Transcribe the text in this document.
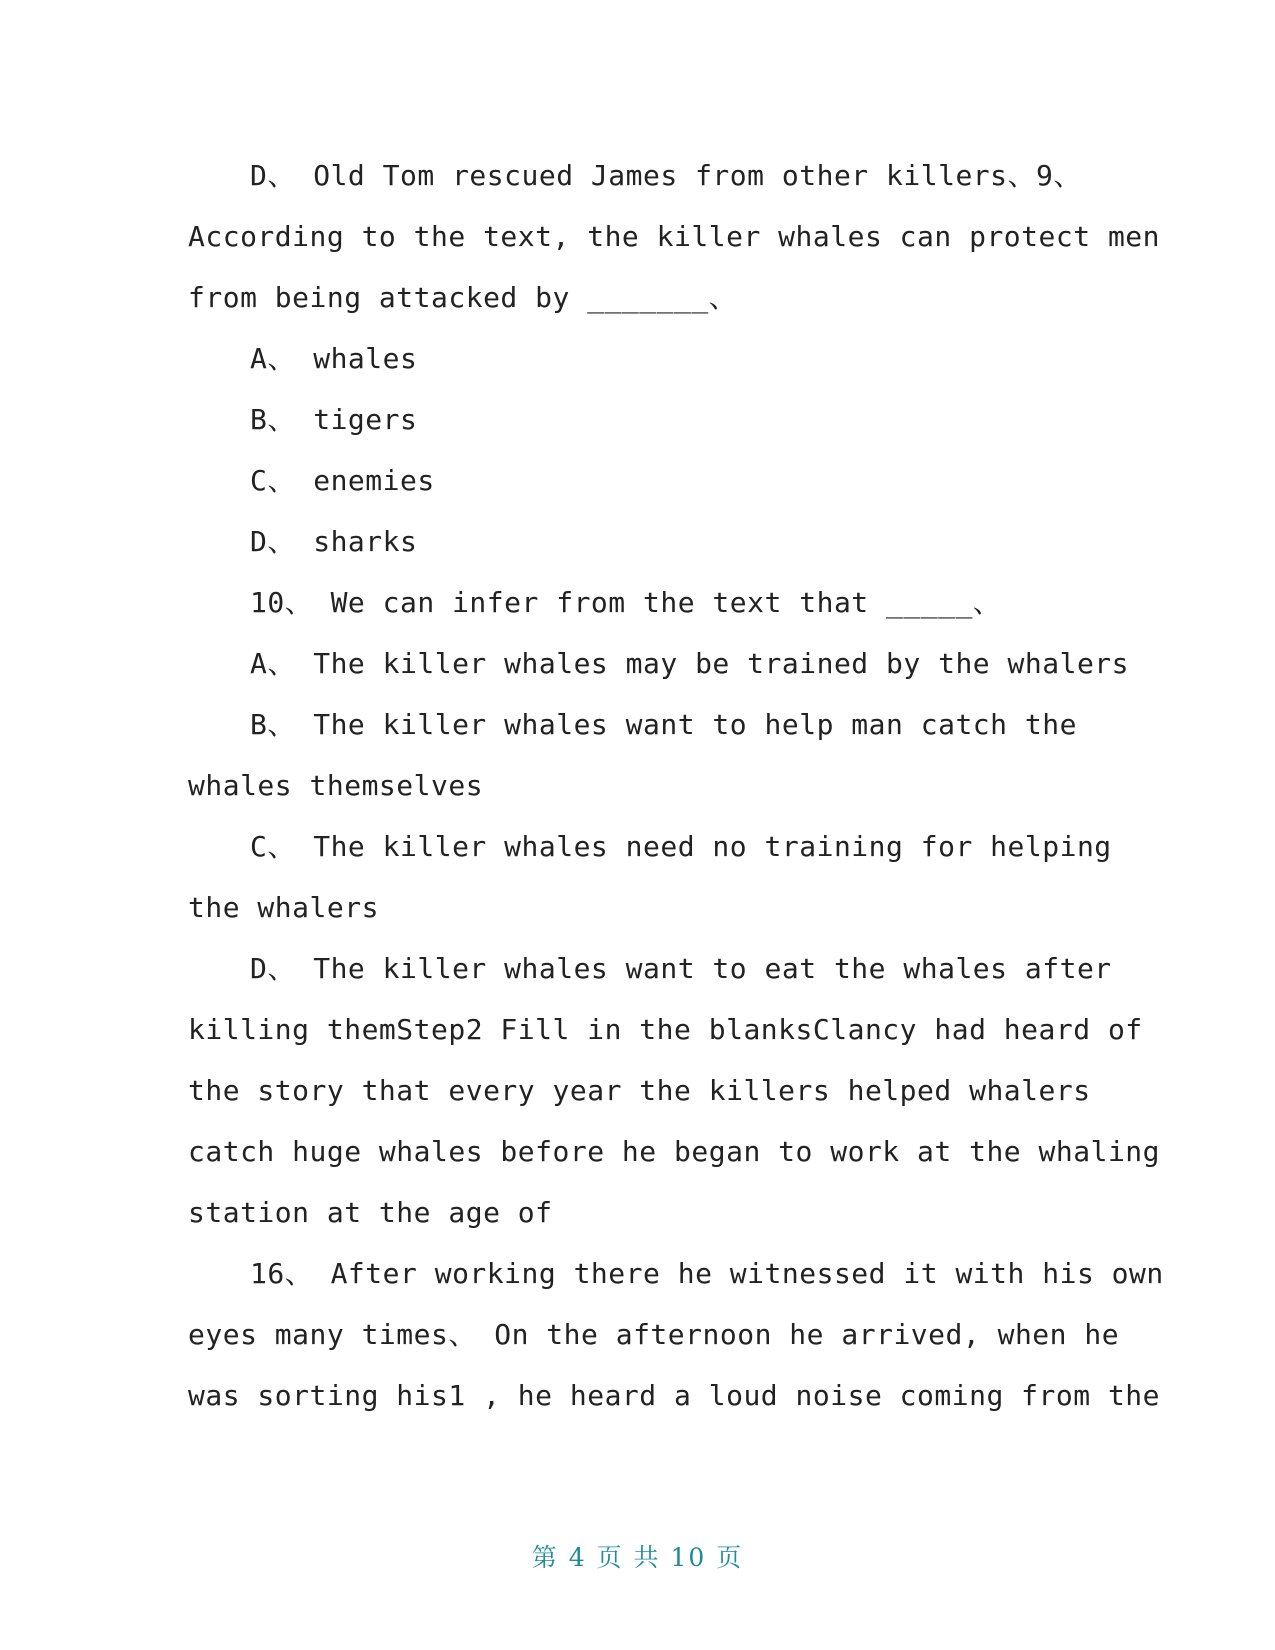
D、 Old Tom rescued James from other killers、9、
According to the text, the killer whales can protect men
from being attacked by _______、
A、 whales
B、 tigers
C、 enemies
D、 sharks
10、 We can infer from the text that _____、
A、 The killer whales may be trained by the whalers
B、 The killer whales want to help man catch the
whales themselves
C、 The killer whales need no training for helping
the whalers
D、 The killer whales want to eat the whales after
killing themStep2 Fill in the blanksClancy had heard of
the story that every year the killers helped whalers
catch huge whales before he began to work at the whaling
station at the age of
16、 After working there he witnessed it with his own
eyes many times、 On the afternoon he arrived, when he
was sorting his1 , he heard a loud noise coming from the
第 4 页 共 10 页
